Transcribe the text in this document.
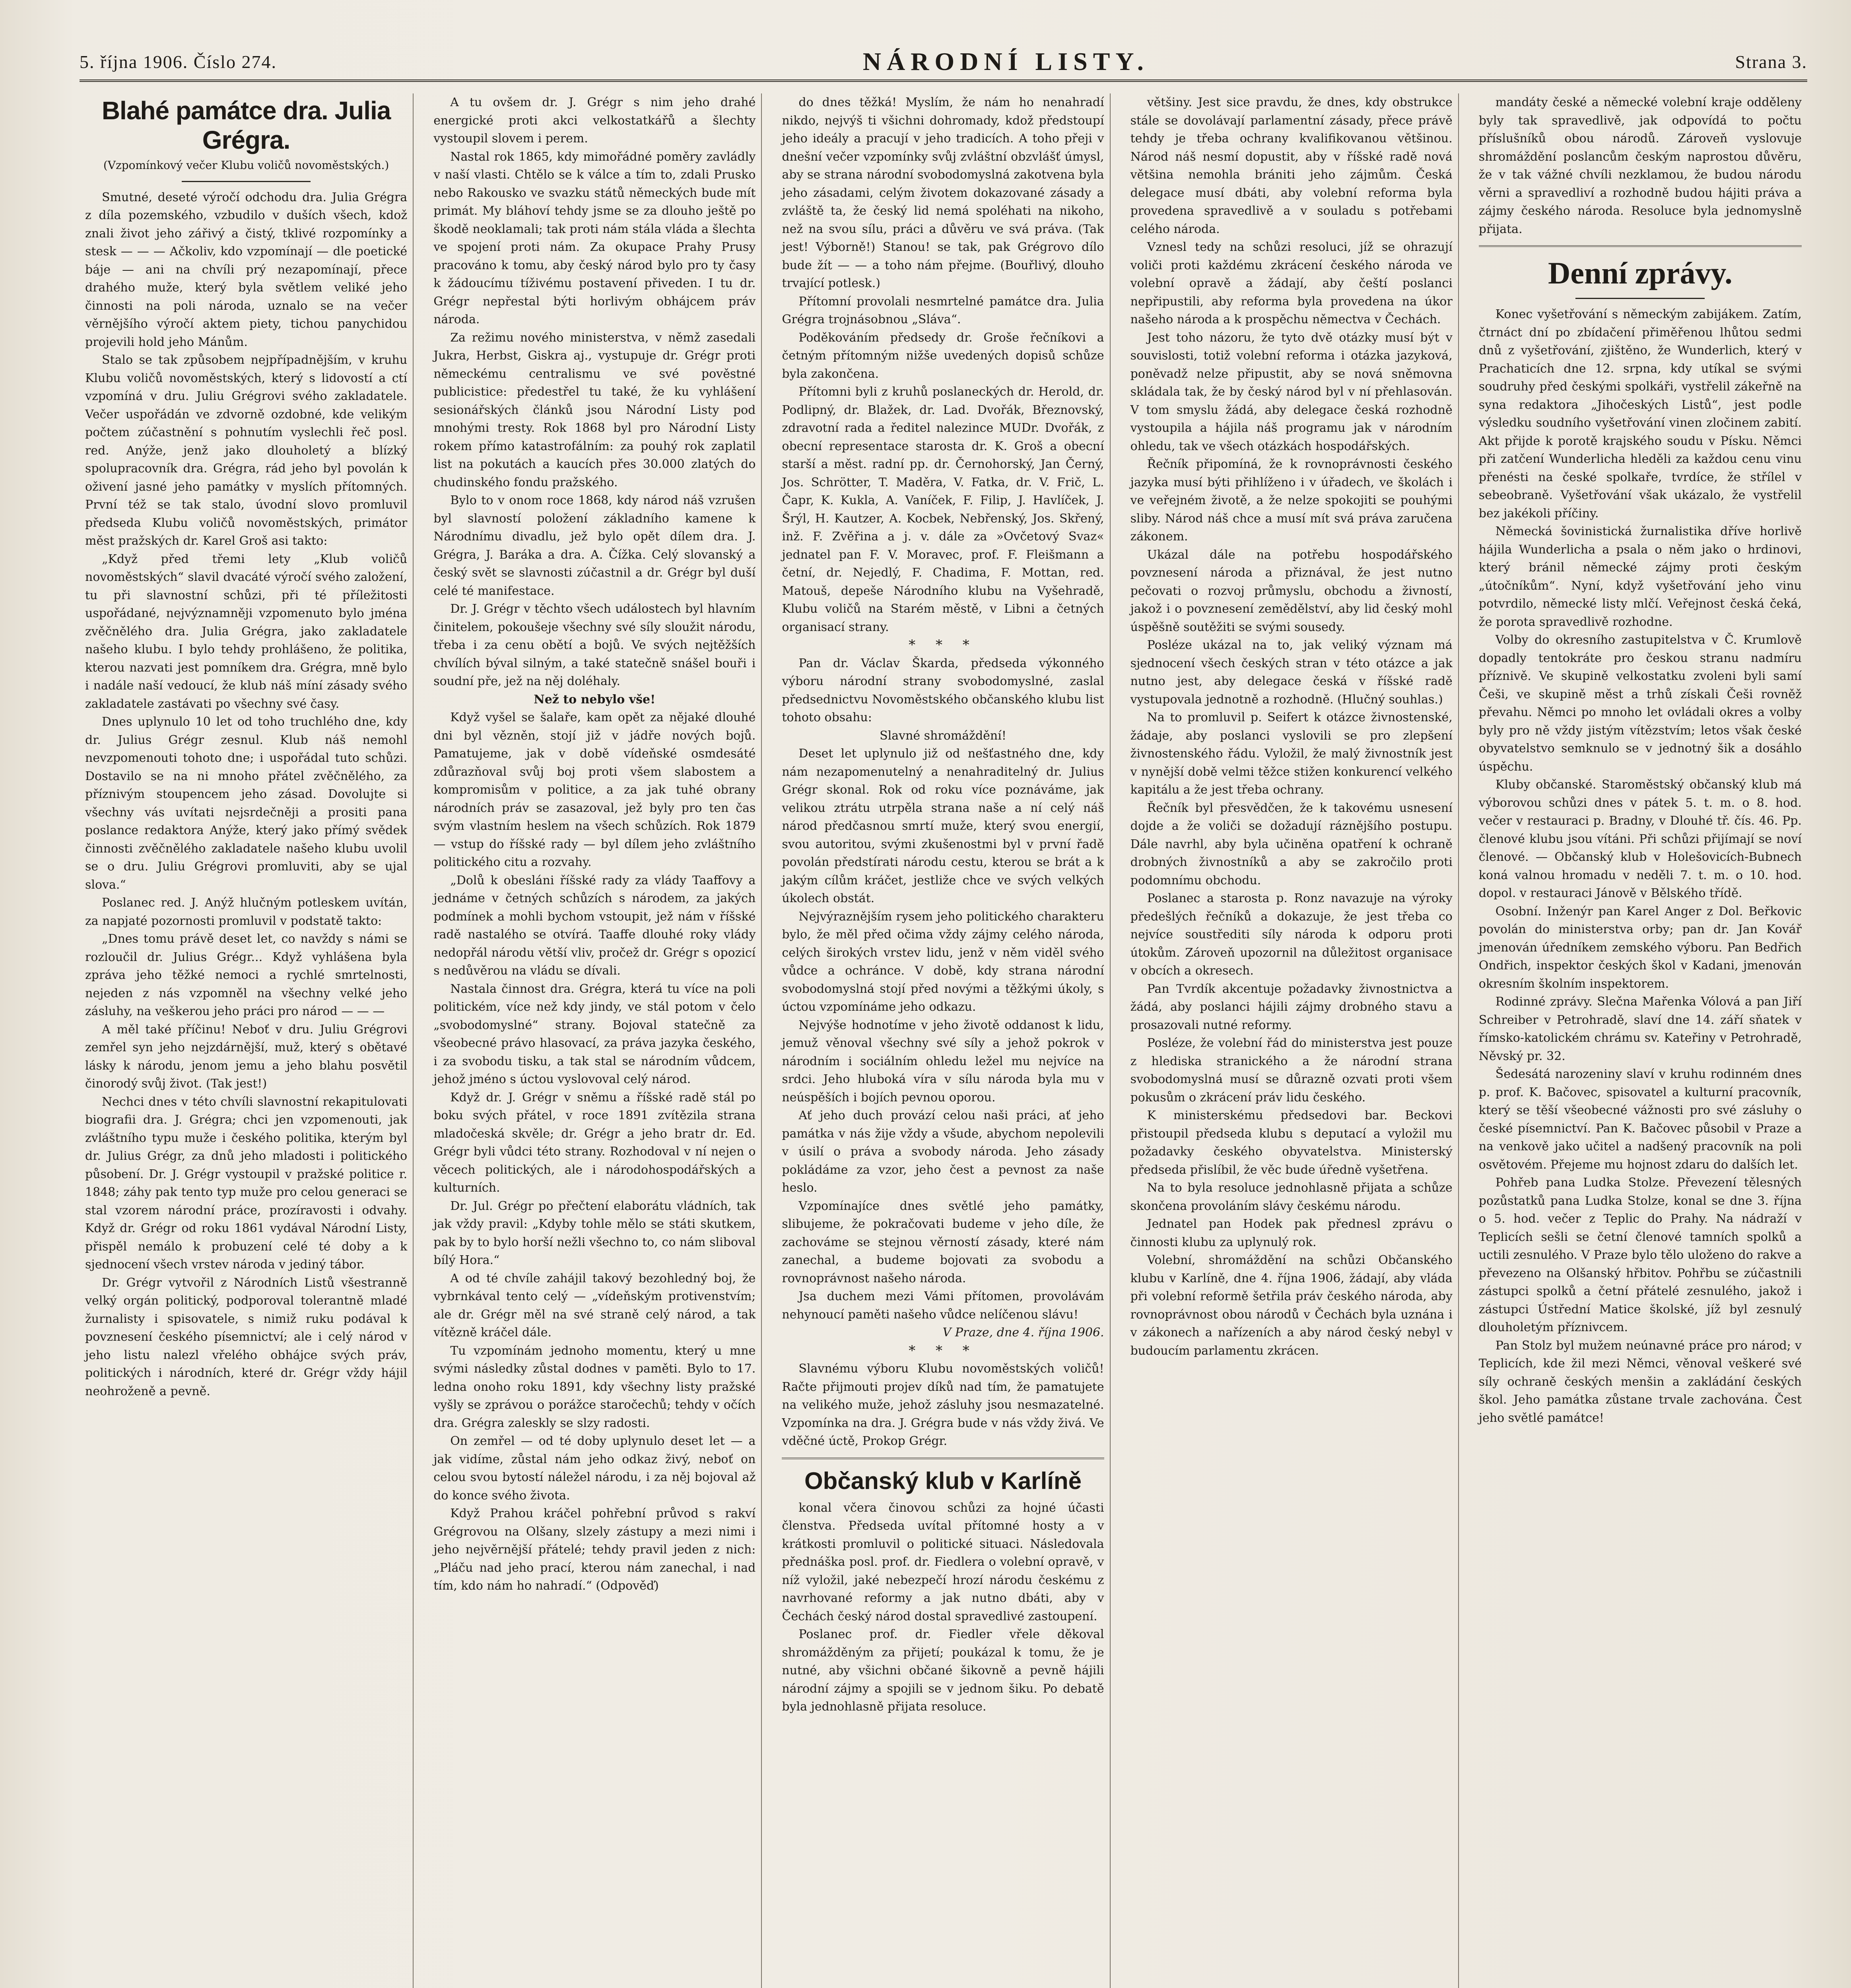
5. října 1906. Číslo 274.	NÁRODNÍ LISTY.	Strana 3.
Blahé památce dra. Julia Grégra.

(Vzpomínkový večer Klubu voličů novoměstských.)

Smutné, deseté výročí odchodu dra. Julia Grégra z díla pozemského, vzbudilo v duších všech, kdož znali život jeho zářivý a čistý, tklivé rozpomínky a stesk — — — Ačkoliv, kdo vzpomínají — dle poetické báje — ani na chvíli prý nezapomínají, přece drahého muže, který byla světlem veliké jeho činnosti na poli národa, uznalo se na večer věrnějšího výročí aktem piety, tichou panychidou projevili hold jeho Mánům.

Stalo se tak způsobem nejpřípadnějším, v kruhu Klubu voličů novoměstských, který s lidovostí a ctí vzpomíná v dru. Juliu Grégrovi svého zakladatele. Večer uspořádán ve zdvorně ozdobné, kde velikým počtem zúčastnění s pohnutím vyslechli řeč posl. red. Anýže, jenž jako dlouholetý a blízký spolupracovník dra. Grégra, rád jeho byl povolán k oživení jasné jeho památky v myslích přítomných. První též se tak stalo, úvodní slovo promluvil předseda Klubu voličů novoměstských, primátor měst pražských dr. Karel Groš asi takto:

„Když před třemi lety „Klub voličů novoměstských“ slavil dvacáté výročí svého založení, tu při slavnostní schůzi, při té příležitosti uspořádané, nejvýznamněji vzpomenuto bylo jména zvěčnělého dra. Julia Grégra, jako zakladatele našeho klubu. I bylo tehdy prohlášeno, že politika, kterou nazvati jest pomníkem dra. Grégra, mně bylo i nadále naší vedoucí, že klub náš míní zásady svého zakladatele zastávati po všechny své časy.

Dnes uplynulo 10 let od toho truchlého dne, kdy dr. Julius Grégr zesnul. Klub náš nemohl nevzpomenouti tohoto dne; i uspořádal tuto schůzi. Dostavilo se na ni mnoho přátel zvěčnělého, za příznivým stoupencem jeho zásad. Dovolujte si všechny vás uvítati nejsrdečněji a prositi pana poslance redaktora Anýže, který jako přímý svědek činnosti zvěčnělého zakladatele našeho klubu uvolil se o dru. Juliu Grégrovi promluviti, aby se ujal slova.“

Poslanec red. J. Anýž hlučným potleskem uvítán, za napjaté pozornosti promluvil v podstatě takto:

„Dnes tomu právě deset let, co navždy s námi se rozloučil dr. Julius Grégr... Když vyhlášena byla zpráva jeho těžké nemoci a rychlé smrtelnosti, nejeden z nás vzpomněl na všechny velké jeho zásluhy, na veškerou jeho práci pro národ — — —

A měl také příčinu! Neboť v dru. Juliu Grégrovi zemřel syn jeho nejzdárnější, muž, který s obětavé lásky k národu, jenom jemu a jeho blahu posvětil činorodý svůj život. (Tak jest!)

Nechci dnes v této chvíli slavnostní rekapitulovati biografii dra. J. Grégra; chci jen vzpomenouti, jak zvláštního typu muže i českého politika, kterým byl dr. Julius Grégr, za dnů jeho mladosti i politického působení. Dr. J. Grégr vystoupil v pražské politice r. 1848; záhy pak tento typ muže pro celou generaci se stal vzorem národní práce, prozíravosti i odvahy. Když dr. Grégr od roku 1861 vydával Národní Listy, přispěl nemálo k probuzení celé té doby a k sjednocení všech vrstev národa v jediný tábor.

Dr. Grégr vytvořil z Národních Listů všestranně velký orgán politický, podporoval tolerantně mladé žurnalisty i spisovatele, s nimiž ruku podával k povznesení českého písemnictví; ale i celý národ v jeho listu nalezl vřelého obhájce svých práv, politických i národních, které dr. Grégr vždy hájil neohroženě a pevně.

A tu ovšem dr. J. Grégr s nim jeho drahé energické proti akci velkostatkářů a šlechty vystoupil slovem i perem.

Nastal rok 1865, kdy mimořádné poměry zavládly v naší vlasti. Chtělo se k válce a tím to, zdali Prusko nebo Rakousko ve svazku států německých bude mít primát. My bláhoví tehdy jsme se za dlouho ještě po škodě neoklamali; tak proti nám stála vláda a šlechta ve spojení proti nám. Za okupace Prahy Prusy pracováno k tomu, aby český národ bylo pro ty časy k žádoucímu tíživému postavení přiveden. I tu dr. Grégr nepřestal býti horlivým obhájcem práv národa.

Za režimu nového ministerstva, v němž zasedali Jukra, Herbst, Giskra aj., vystupuje dr. Grégr proti německému centralismu ve své pověstné publicistice: předestřel tu také, že ku vyhlášení sesionářských článků jsou Národní Listy pod mnohými tresty. Rok 1868 byl pro Národní Listy rokem přímo katastrofálním: za pouhý rok zaplatil list na pokutách a kaucích přes 30.000 zlatých do chudinského fondu pražského.

Bylo to v onom roce 1868, kdy národ náš vzrušen byl slavností položení základního kamene k Národnímu divadlu, jež bylo opět dílem dra. J. Grégra, J. Barákа a dra. A. Čížka. Celý slovanský a český svět se slavnosti zúčastnil a dr. Grégr byl duší celé té manifestace.

Dr. J. Grégr v těchto všech událostech byl hlavním činitelem, pokoušeje všechny své síly sloužit národu, třeba i za cenu obětí a bojů. Ve svých nejtěžších chvílích býval silným, a také statečně snášel bouři i soudní pře, jež na něj doléhaly.

Než to nebylo vše!

Když vyšel se šalaře, kam opět za nějaké dlouhé dni byl vězněn, stojí již v jádře nových bojů. Pamatujeme, jak v době vídeňské osmdesáté zdůrazňoval svůj boj proti všem slabostem a kompromisům v politice, a za jak tuhé obrany národních práv se zasazoval, jež byly pro ten čas svým vlastním heslem na všech schůzích. Rok 1879 — vstup do říšské rady — byl dílem jeho zvláštního politického citu a rozvahy.

„Dolů k obesláni říšské rady za vlády Taaffovy a jednáme v četných schůzích s národem, za jakých podmínek a mohli bychom vstoupit, jež nám v říšské radě nastalého se otvírá. Taaffe dlouhé roky vlády nedopřál národu větší vliv, pročež dr. Grégr s opozicí s nedůvěrou na vládu se dívali.

Nastala činnost dra. Grégra, která tu více na poli politickém, více než kdy jindy, ve stál potom v čelo „svobodomyslné“ strany. Bojoval statečně za všeobecné právo hlasovací, za práva jazyka českého, i za svobodu tisku, a tak stal se národním vůdcem, jehož jméno s úctou vyslovoval celý národ.

Když dr. J. Grégr v sněmu a říšské radě stál po boku svých přátel, v roce 1891 zvítězila strana mladočeská skvěle; dr. Grégr a jeho bratr dr. Ed. Grégr byli vůdci této strany. Rozhodoval v ní nejen o věcech politických, ale i národohospodářských a kulturních.

Dr. Jul. Grégr po přečtení elaborátu vládních, tak jak vždy pravil: „Kdyby tohle mělo se státi skutkem, pak by to bylo horší nežli všechno to, co nám sliboval bílý Hora.“

A od té chvíle zahájil takový bezohledný boj, že vybrnkával tento celý — „vídeňským protivenstvím; ale dr. Grégr měl na své straně celý národ, a tak vítězně kráčel dále.

Tu vzpomínám jednoho momentu, který u mne svými následky zůstal dodnes v paměti. Bylo to 17. ledna onoho roku 1891, kdy všechny listy pražské vyšly se zprávou o porážce staročechů; tehdy v očích dra. Grégra zaleskly se slzy radosti.

On zemřel — od té doby uplynulo deset let — a jak vidíme, zůstal nám jeho odkaz živý, neboť on celou svou bytostí náležel národu, i za něj bojoval až do konce svého života.

Když Prahou kráčel pohřební průvod s rakví Grégrovou na Olšany, slzely zástupy a mezi nimi i jeho nejvěrnější přátelé; tehdy pravil jeden z nich: „Pláču nad jeho prací, kterou nám zanechal, i nad tím, kdo nám ho nahradí.“ (Odpověď)

do dnes těžká! Myslím, že nám ho nenahradí nikdo, nejvýš ti všichni dohromady, kdož předstoupí jeho ideály a pracují v jeho tradicích. A toho přeji v dnešní večer vzpomínky svůj zvláštní obzvlášť úmysl, aby se strana národní svobodomyslná zakotvena byla jeho zásadami, celým životem dokazované zásady a zvláště ta, že český lid nemá spoléhati na nikoho, než na svou sílu, práci a důvěru ve svá práva. (Tak jest! Výborně!) Stanou! se tak, pak Grégrovo dílo bude žít — — a toho nám přejme. (Bouřlivý, dlouho trvající potlesk.)

Přítomní provolali nesmrtelné památce dra. Julia Grégra trojnásobnou „Sláva“.

Poděkováním předsedy dr. Groše řečníkovi a četným přítomným nižše uvedených dopisů schůze byla zakončena.

Přítomni byli z kruhů poslaneckých dr. Herold, dr. Podlipný, dr. Blažek, dr. Lad. Dvořák, Březnovský, zdravotní rada a ředitel nalezince MUDr. Dvořák, z obecní representace starosta dr. K. Groš a obecní starší a měst. radní pp. dr. Černohorský, Jan Černý, Jos. Schrötter, T. Maděra, V. Fatka, dr. V. Frič, L. Čapr, K. Kukla, A. Vaníček, F. Filip, J. Havlíček, J. Šrýl, H. Kautzer, A. Kocbek, Nebřenský, Jos. Skřený, inž. F. Zvěřina a j. v. dále za »Ovčetový Svaz« jednatel pan F. V. Moravec, prof. F. Fleišmann a četní, dr. Nejedlý, F. Chadima, F. Mottan, red. Matouš, depeše Národního klubu na Vyšehradě, Klubu voličů na Starém městě, v Libni a četných organisací strany.

* * *

Pan dr. Václav Škarda, předseda výkonného výboru národní strany svobodomyslné, zaslal předsednictvu Novoměstského občanského klubu list tohoto obsahu:

Slavné shromáždění!

Deset let uplynulo již od nešťastného dne, kdy nám nezapomenutelný a nenahraditelný dr. Julius Grégr skonal. Rok od roku více poznáváme, jak velikou ztrátu utrpěla strana naše a ní celý náš národ předčasnou smrtí muže, který svou energií, svou autoritou, svými zkušenostmi byl v první řadě povolán předstírati národu cestu, kterou se brát a k jakým cílům kráčet, jestliže chce ve svých velkých úkolech obstát.

Nejvýraznějším rysem jeho politického charakteru bylo, že měl před očima vždy zájmy celého národa, celých širokých vrstev lidu, jenž v něm viděl svého vůdce a ochránce. V době, kdy strana národní svobodomyslná stojí před novými a těžkými úkoly, s úctou vzpomínáme jeho odkazu.

Nejvýše hodnotíme v jeho životě oddanost k lidu, jemuž věnoval všechny své síly a jehož pokrok v národním i sociálním ohledu ležel mu nejvíce na srdci. Jeho hluboká víra v sílu národa byla mu v neúspěších i bojích pevnou oporou.

Ať jeho duch provází celou naši práci, ať jeho památka v nás žije vždy a všude, abychom nepolevili v úsilí o práva a svobody národa. Jeho zásady pokládáme za vzor, jeho čest a pevnost za naše heslo.

Vzpomínajíce dnes světlé jeho památky, slibujeme, že pokračovati budeme v jeho díle, že zachováme se stejnou věrností zásady, které nám zanechal, a budeme bojovati za svobodu a rovnoprávnost našeho národa.

Jsa duchem mezi Vámi přítomen, provolávám nehynoucí paměti našeho vůdce nelíčenou slávu!

V Praze, dne 4. října 1906.

* * *

Slavnému výboru Klubu novoměstských voličů! Račte přijmouti projev díků nad tím, že pamatujete na velikého muže, jehož zásluhy jsou nesmazatelné. Vzpomínka na dra. J. Grégra bude v nás vždy živá. Ve vděčné úctě, Prokop Grégr.

Občanský klub v Karlíně

konal včera činovou schůzi za hojné účasti členstva. Předseda uvítal přítomné hosty a v krátkosti promluvil o politické situaci. Následovala přednáška posl. prof. dr. Fiedlera o volební opravě, v níž vyložil, jaké nebezpečí hrozí národu českému z navrhované reformy a jak nutno dbáti, aby v Čechách český národ dostal spravedlivé zastoupení.

Poslanec prof. dr. Fiedler vřele děkoval shromážděným za přijetí; poukázal k tomu, že je nutné, aby všichni občané šikovně a pevně hájili národní zájmy a spojili se v jednom šiku. Po debatě byla jednohlasně přijata resoluce.

většiny. Jest sice pravdu, že dnes, kdy obstrukce stále se dovolávají parlamentní zásady, přece právě tehdy je třeba ochrany kvalifikovanou většinou. Národ náš nesmí dopustit, aby v říšské radě nová většina nemohla brániti jeho zájmům. Česká delegace musí dbáti, aby volební reforma byla provedena spravedlivě a v souladu s potřebami celého národa.

Vznesl tedy na schůzi resoluci, jíž se ohrazují voliči proti každému zkrácení českého národa ve volební opravě a žádají, aby čeští poslanci nepřipustili, aby reforma byla provedena na úkor našeho národa a k prospěchu němectva v Čechách.

Jest toho názoru, že tyto dvě otázky musí být v souvislosti, totiž volební reforma i otázka jazyková, poněvadž nelze připustit, aby se nová sněmovna skládala tak, že by český národ byl v ní přehlasován. V tom smyslu žádá, aby delegace česká rozhodně vystoupila a hájila náš programu jak v národním ohledu, tak ve všech otázkách hospodářských.

Řečník připomíná, že k rovnoprávnosti českého jazyka musí býti přihlíženo i v úřadech, ve školách i ve veřejném životě, a že nelze spokojiti se pouhými sliby. Národ náš chce a musí mít svá práva zaručena zákonem.

Ukázal dále na potřebu hospodářského povznesení národa a přiznával, že jest nutno pečovati o rozvoj průmyslu, obchodu a živností, jakož i o povznesení zemědělství, aby lid český mohl úspěšně soutěžiti se svými sousedy.

Posléze ukázal na to, jak veliký význam má sjednocení všech českých stran v této otázce a jak nutno jest, aby delegace česká v říšské radě vystupovala jednotně a rozhodně. (Hlučný souhlas.)

Na to promluvil p. Seifert k otázce živnostenské, žádaje, aby poslanci vyslovili se pro zlepšení živnostenského řádu. Vyložil, že malý živnostník jest v nynější době velmi těžce stižen konkurencí velkého kapitálu a že jest třeba ochrany.

Řečník byl přesvědčen, že k takovému usnesení dojde a že voliči se dožadují ráznějšího postupu. Dále navrhl, aby byla učiněna opatření k ochraně drobných živnostníků a aby se zakročilo proti podomnímu obchodu.

Poslanec a starosta p. Ronz navazuje na výroky předešlých řečníků a dokazuje, že jest třeba co nejvíce soustřediti síly národa k odporu proti útokům. Zároveň upozornil na důležitost organisace v obcích a okresech.

Pan Tvrdík akcentuje požadavky živnostnictva a žádá, aby poslanci hájili zájmy drobného stavu a prosazovali nutné reformy.

Posléze, že volební řád do ministerstva jest pouze z hlediska stranického a že národní strana svobodomyslná musí se důrazně ozvati proti všem pokusům o zkrácení práv lidu českého.

K ministerskému předsedovi bar. Beckovi přistoupil předseda klubu s deputací a vyložil mu požadavky českého obyvatelstva. Ministerský předseda přislíbil, že věc bude úředně vyšetřena.

Na to byla resoluce jednohlasně přijata a schůze skončena provoláním slávy českému národu.

Jednatel pan Hodek pak přednesl zprávu o činnosti klubu za uplynulý rok.

Volební, shromáždění na schůzi Občanského klubu v Karlíně, dne 4. října 1906, žádají, aby vláda při volební reformě šetřila práv českého národa, aby rovnoprávnost obou národů v Čechách byla uznána i v zákonech a nařízeních a aby národ český nebyl v budoucím parlamentu zkrácen.

mandáty české a německé volební kraje odděleny byly tak spravedlivě, jak odpovídá to počtu příslušníků obou národů. Zároveň vyslovuje shromáždění poslancům českým naprostou důvěru, že v tak vážné chvíli nezklamou, že budou národu věrni a spravedliví a rozhodně budou hájiti práva a zájmy českého národa. Resoluce byla jednomyslně přijata.

Denní zprávy.

Konec vyšetřování s německým zabijákem. Zatím, čtrnáct dní po zbídačení přiměřenou lhůtou sedmi dnů z vyšetřování, zjištěno, že Wunderlich, který v Prachaticích dne 12. srpna, kdy utíkal se svými soudruhy před českými spolkáři, vystřelil zákeřně na syna redaktora „Jihočeských Listů“, jest podle výsledku soudního vyšetřování vinen zločinem zabití. Akt přijde k porotě krajského soudu v Písku. Němci při zatčení Wunderlicha hleděli za každou cenu vinu přenésti na české spolkaře, tvrdíce, že střílel v sebeobraně. Vyšetřování však ukázalo, že vystřelil bez jakékoli příčiny.

Německá šovinistická žurnalistika dříve horlivě hájila Wunderlicha a psala o něm jako o hrdinovi, který bránil německé zájmy proti českým „útočníkům“. Nyní, když vyšetřování jeho vinu potvrdilo, německé listy mlčí. Veřejnost česká čeká, že porota spravedlivě rozhodne.

Volby do okresního zastupitelstva v Č. Krumlově dopadly tentokráte pro českou stranu nadmíru příznivě. Ve skupině velkostatku zvoleni byli samí Češi, ve skupině měst a trhů získali Češi rovněž převahu. Němci po mnoho let ovládali okres a volby byly pro ně vždy jistým vítězstvím; letos však české obyvatelstvo semknulo se v jednotný šik a dosáhlo úspěchu.

Kluby občanské. Staroměstský občanský klub má výborovou schůzi dnes v pátek 5. t. m. o 8. hod. večer v restauraci p. Bradny, v Dlouhé tř. čís. 46. Pp. členové klubu jsou vítáni. Při schůzi přijímají se noví členové. — Občanský klub v Holešovicích-Bubnech koná valnou hromadu v neděli 7. t. m. o 10. hod. dopol. v restauraci Jánově v Bělského třídě.

Osobní. Inženýr pan Karel Anger z Dol. Beřkovic povolán do ministerstva orby; pan dr. Jan Kovář jmenován úředníkem zemského výboru. Pan Bedřich Ondřich, inspektor českých škol v Kadani, jmenován okresním školním inspektorem.

Rodinné zprávy. Slečna Mařenka Vólová a pan Jiří Schreiber v Petrohradě, slaví dne 14. září sňatek v římsko-katolickém chrámu sv. Kateřiny v Petrohradě, Něvský pr. 32.

Šedesátá narozeniny slaví v kruhu rodinném dnes p. prof. K. Bačovec, spisovatel a kulturní pracovník, který se těší všeobecné vážnosti pro své zásluhy o české písemnictví. Pan K. Bačovec působil v Praze a na venkově jako učitel a nadšený pracovník na poli osvětovém. Přejeme mu hojnost zdaru do dalších let.

Pohřeb pana Ludka Stolze. Převezení tělesných pozůstatků pana Ludka Stolze, konal se dne 3. října o 5. hod. večer z Teplic do Prahy. Na nádraží v Teplicích sešli se četní členové tamních spolků a uctili zesnulého. V Praze bylo tělo uloženo do rakve a převezeno na Olšanský hřbitov. Pohřbu se zúčastnili zástupci spolků a četní přátelé zesnulého, jakož i zástupci Ústřední Matice školské, jíž byl zesnulý dlouholetým příznivcem.

Pan Stolz byl mužem neúnavné práce pro národ; v Teplicích, kde žil mezi Němci, věnoval veškeré své síly ochraně českých menšin a zakládání českých škol. Jeho památka zůstane trvale zachována. Čest jeho světlé památce!
